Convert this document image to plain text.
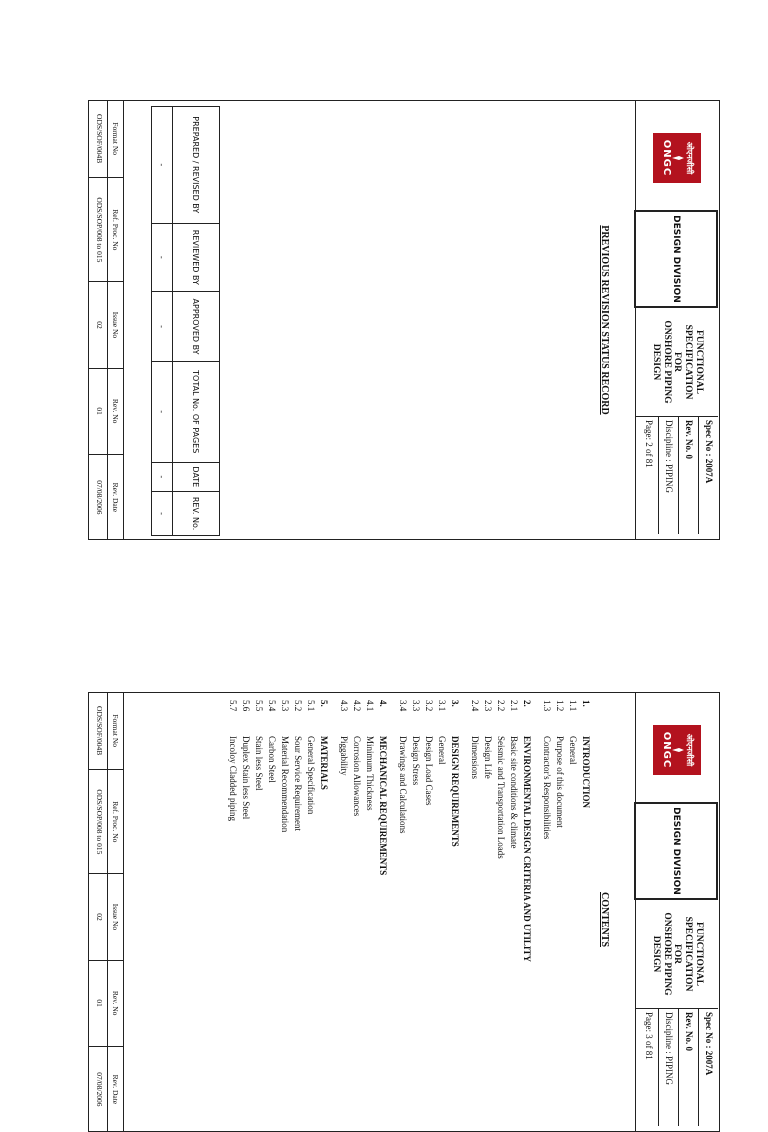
ओएनजीसी
ONGC
DESIGN DIVISION
FUNCTIONAL
SPECIFICATION
FOR
ONSHORE PIPING
DESIGN
Spec No : 2007A
Rev. No. 0
Discipline : PIPING
Page: 2 of 81
PREVIOUS REVISION STATUS RECORD
PREPARED / REVISED BY	REVIEWED BY	APPROVED BY	TOTAL No. OF PAGES	DATE	REV. No.
-	-	-	-	-	-
Format No
ODS/SOF/004B
Ref. Proc. No
ODS/SOP/008 to 015
Issue No
02
Rev. No
01
Rev. Date
07/08/2006
ओएनजीसी
ONGC
DESIGN DIVISION
FUNCTIONAL
SPECIFICATION
FOR
ONSHORE PIPING
DESIGN
Spec No : 2007A
Rev. No. 0
Discipline : PIPING
Page: 3 of 81
CONTENTS
1.
INTRODUCTION
1.1
General
1.2
Purpose of this document
1.3
Contractor's Responsibilities
2.
ENVIRONMENTAL DESIGN CRITERIA AND UTILITY
2.1
Basic site conditions & climate
2.2
Seismic and Transportation Loads
2.3
Design Life
2.4
Dimensions
3.
DESIGN REQUIREMENTS
3.1
General
3.2
Design Load Cases
3.3
Design Stress
3.4
Drawings and Calculations
4.
MECHANICAL REQUIREMENTS
4.1
Minimum Thickness
4.2
Corrosion Allowances
4.3
Piggability
5.
MATERIALS
5.1
General Specification
5.2
Sour Service Requirement
5.3
Material Recommendation
5.4
Carbon Steel
5.5
Stain less Steel
5.6
Duplex Stain less Steel
5.7
Incoloy Cladded piping
Format No
ODS/SOF/004B
Ref. Proc. No
ODS/SOP/008 to 015
Issue No
02
Rev. No
01
Rev. Date
07/08/2006
